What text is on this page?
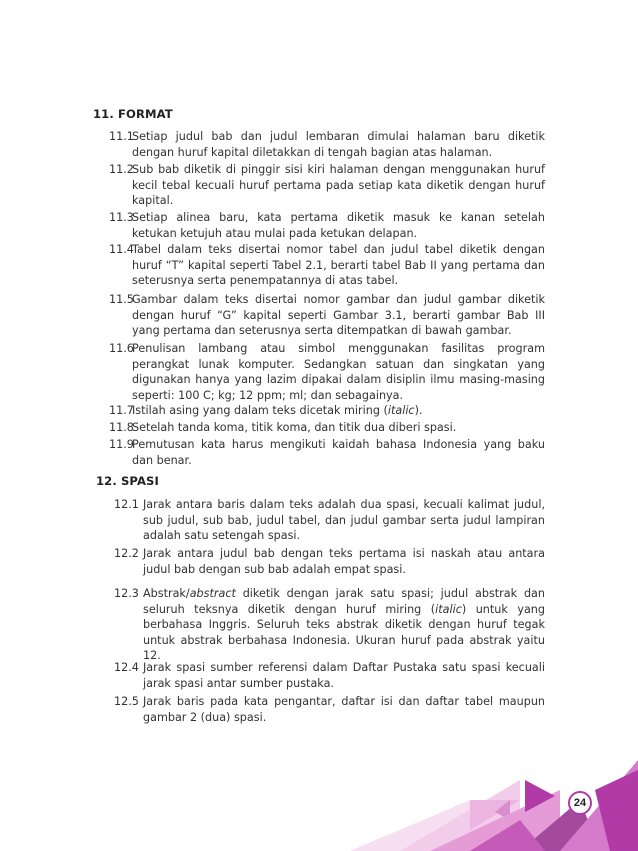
11. FORMAT
11.1
Setiap judul bab dan judul lembaran dimulai halaman baru diketik dengan huruf kapital diletakkan di tengah bagian atas halaman.
11.2
Sub bab diketik di pinggir sisi kiri halaman dengan menggunakan huruf kecil tebal kecuali huruf pertama pada setiap kata diketik dengan huruf kapital.
11.3
Setiap alinea baru, kata pertama diketik masuk ke kanan setelah ketukan ketujuh atau mulai pada ketukan delapan.
11.4
Tabel dalam teks disertai nomor tabel dan judul tabel diketik dengan huruf “T” kapital seperti Tabel 2.1, berarti tabel Bab II yang pertama dan seterusnya serta penempatannya di atas tabel.
11.5
Gambar dalam teks disertai nomor gambar dan judul gambar diketik dengan huruf “G” kapital seperti Gambar 3.1, berarti gambar Bab III yang pertama dan seterusnya serta ditempatkan di bawah gambar.
11.6
Penulisan lambang atau simbol menggunakan fasilitas program perangkat lunak komputer. Sedangkan satuan dan singkatan yang digunakan hanya yang lazim dipakai dalam disiplin ilmu masing-masing seperti: 100 C; kg; 12 ppm; ml; dan sebagainya.
11.7
Istilah asing yang dalam teks dicetak miring (italic).
11.8
Setelah tanda koma, titik koma, dan titik dua diberi spasi.
11.9
Pemutusan kata harus mengikuti kaidah bahasa Indonesia yang baku dan benar.
12. SPASI
12.1 Jarak antara baris dalam teks adalah dua spasi, kecuali kalimat judul, sub judul, sub bab, judul tabel, dan judul gambar serta judul lampiran adalah satu setengah spasi.
12.2 Jarak antara judul bab dengan teks pertama isi naskah atau antara judul bab dengan sub bab adalah empat spasi.
12.3 Abstrak/abstract diketik dengan jarak satu spasi; judul abstrak dan seluruh teksnya diketik dengan huruf miring (italic) untuk yang berbahasa Inggris. Seluruh teks abstrak diketik dengan huruf tegak untuk abstrak berbahasa Indonesia. Ukuran huruf pada abstrak yaitu 12.
12.4 Jarak spasi sumber referensi dalam Daftar Pustaka satu spasi kecuali jarak spasi antar sumber pustaka.
12.5 Jarak baris pada kata pengantar, daftar isi dan daftar tabel maupun gambar 2 (dua) spasi.
24
